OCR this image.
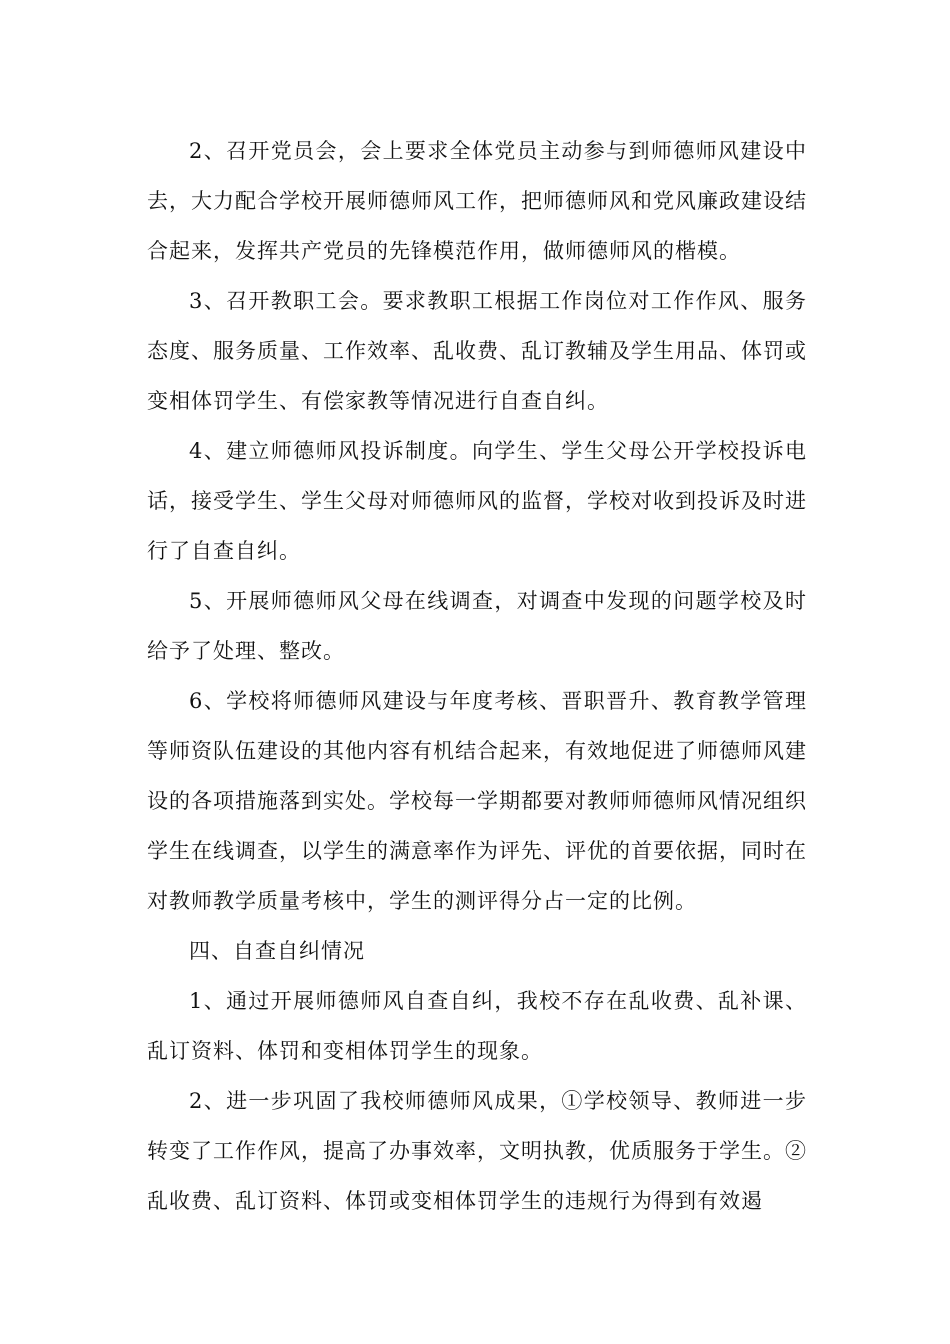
2、召开党员会，会上要求全体党员主动参与到师德师风建设中去，大力配合学校开展师德师风工作，把师德师风和党风廉政建设结合起来，发挥共产党员的先锋模范作用，做师德师风的楷模。

3、召开教职工会。要求教职工根据工作岗位对工作作风、服务态度、服务质量、工作效率、乱收费、乱订教辅及学生用品、体罚或变相体罚学生、有偿家教等情况进行自查自纠。

4、建立师德师风投诉制度。向学生、学生父母公开学校投诉电话，接受学生、学生父母对师德师风的监督，学校对收到投诉及时进行了自查自纠。

5、开展师德师风父母在线调查，对调查中发现的问题学校及时给予了处理、整改。

6、学校将师德师风建设与年度考核、晋职晋升、教育教学管理等师资队伍建设的其他内容有机结合起来，有效地促进了师德师风建设的各项措施落到实处。学校每一学期都要对教师师德师风情况组织学生在线调查，以学生的满意率作为评先、评优的首要依据，同时在对教师教学质量考核中，学生的测评得分占一定的比例。

四、自查自纠情况

1、通过开展师德师风自查自纠，我校不存在乱收费、乱补课、乱订资料、体罚和变相体罚学生的现象。

2、进一步巩固了我校师德师风成果，①学校领导、教师进一步转变了工作作风，提高了办事效率，文明执教，优质服务于学生。②乱收费、乱订资料、体罚或变相体罚学生的违规行为得到有效遏
